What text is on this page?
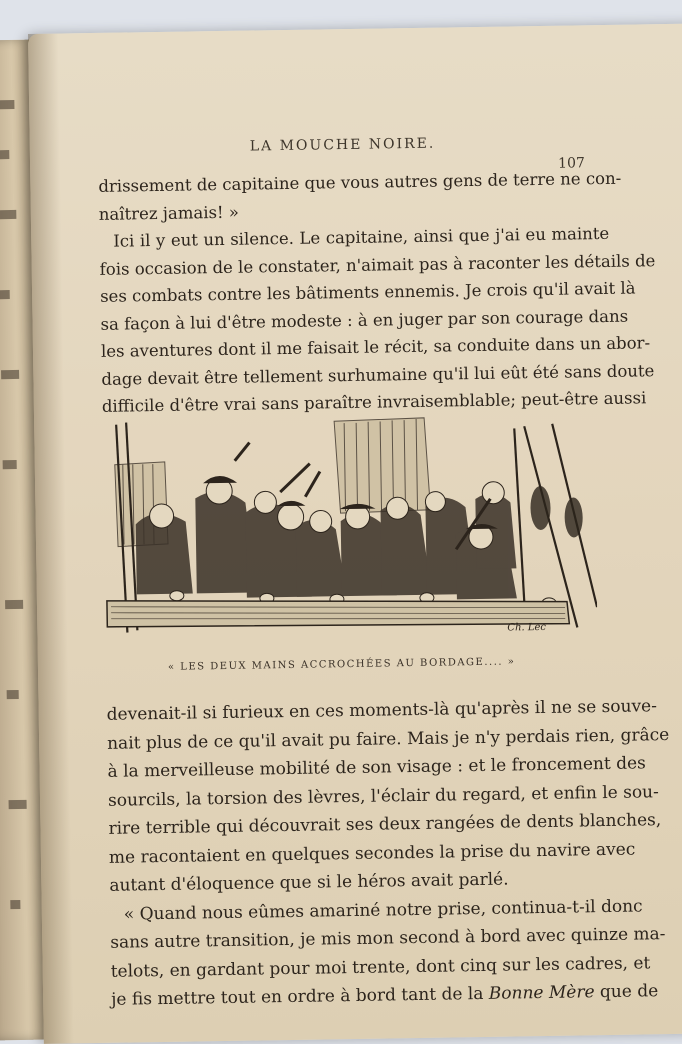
LA MOUCHE NOIRE.
107
drissement de capitaine que vous autres gens de terre ne con-
naîtrez jamais! »
Ici il y eut un silence. Le capitaine, ainsi que j'ai eu mainte
fois occasion de le constater, n'aimait pas à raconter les détails de
ses combats contre les bâtiments ennemis. Je crois qu'il avait là
sa façon à lui d'être modeste : à en juger par son courage dans
les aventures dont il me faisait le récit, sa conduite dans un abor-
dage devait être tellement surhumaine qu'il lui eût été sans doute
difficile d'être vrai sans paraître invraisemblable; peut-être aussi
Ch. Lec
« LES DEUX MAINS ACCROCHÉES AU BORDAGE.... »
devenait-il si furieux en ces moments-là qu'après il ne se souve-
nait plus de ce qu'il avait pu faire. Mais je n'y perdais rien, grâce
à la merveilleuse mobilité de son visage : et le froncement des
sourcils, la torsion des lèvres, l'éclair du regard, et enfin le sou-
rire terrible qui découvrait ses deux rangées de dents blanches,
me racontaient en quelques secondes la prise du navire avec
autant d'éloquence que si le héros avait parlé.
« Quand nous eûmes amariné notre prise, continua-t-il donc
sans autre transition, je mis mon second à bord avec quinze ma-
telots, en gardant pour moi trente, dont cinq sur les cadres, et
je fis mettre tout en ordre à bord tant de la Bonne Mère que de
